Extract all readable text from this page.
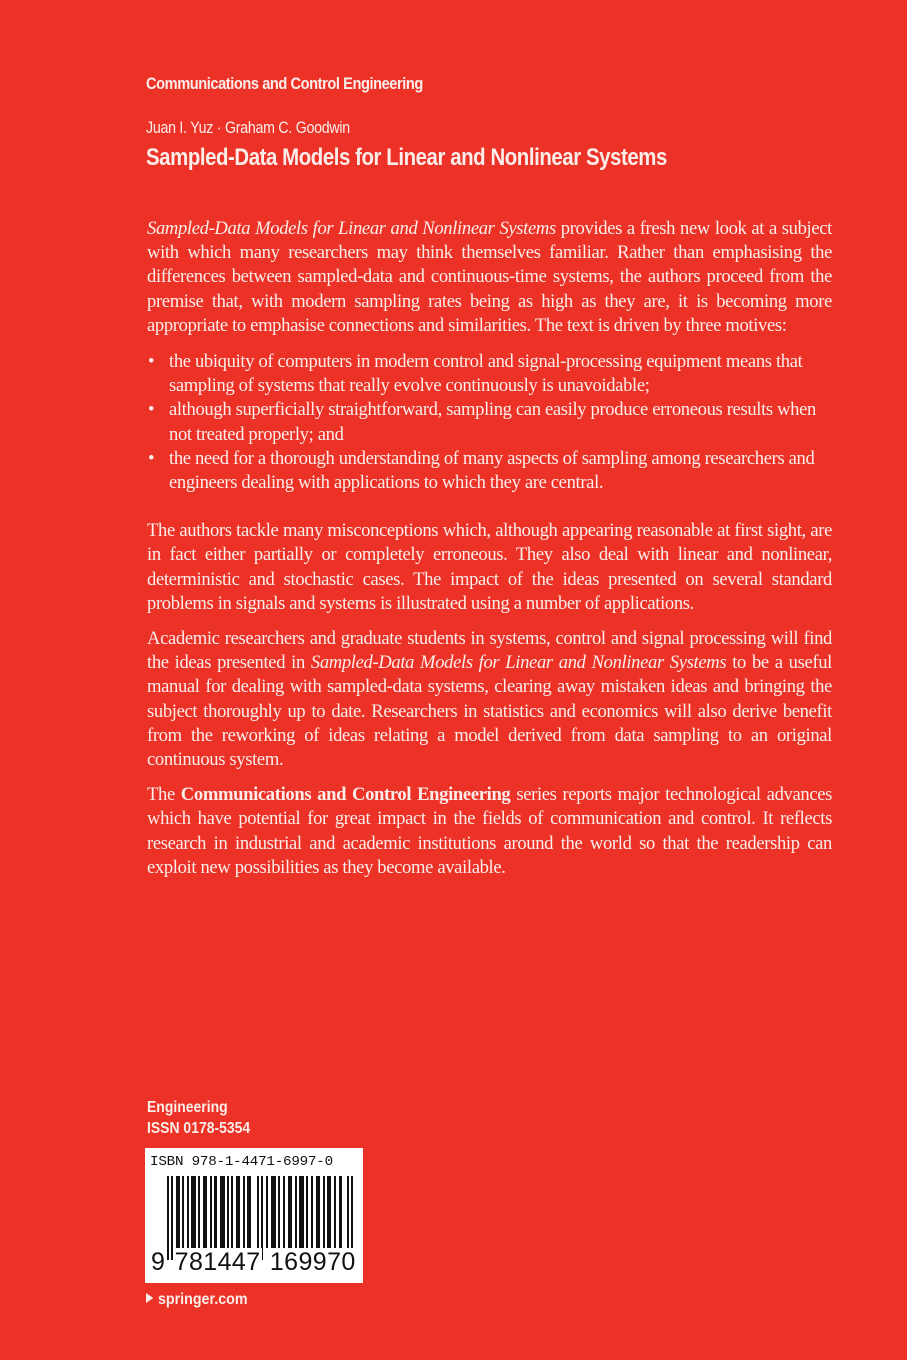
Communications and Control Engineering
Juan I. Yuz · Graham C. Goodwin
Sampled-Data Models for Linear and Nonlinear Systems

Sampled-Data Models for Linear and Nonlinear Systems provides a fresh new look at a subject with which many researchers may think themselves familiar. Rather than emphasising the differences between sampled-data and continuous-time systems, the authors proceed from the premise that, with modern sampling rates being as high as they are, it is becoming more appropriate to emphasise connections and similarities. The text is driven by three motives:

• the ubiquity of computers in modern control and signal-processing equipment means that sampling of systems that really evolve continuously is unavoidable;
• although superficially straightforward, sampling can easily produce erroneous results when not treated properly; and
• the need for a thorough understanding of many aspects of sampling among researchers and engineers dealing with applications to which they are central.

The authors tackle many misconceptions which, although appearing reasonable at first sight, are in fact either partially or completely erroneous. They also deal with linear and nonlinear, deterministic and stochastic cases. The impact of the ideas presented on several standard problems in signals and systems is illustrated using a number of applications.

Academic researchers and graduate students in systems, control and signal processing will find the ideas presented in Sampled-Data Models for Linear and Nonlinear Systems to be a useful manual for dealing with sampled-data systems, clearing away mistaken ideas and bringing the subject thoroughly up to date. Researchers in statistics and economics will also derive benefit from the reworking of ideas relating a model derived from data sampling to an original continuous system.

The Communications and Control Engineering series reports major technological advances which have potential for great impact in the fields of communication and control. It reflects research in industrial and academic institutions around the world so that the readership can exploit new possibilities as they become available.

Engineering
ISSN 0178-5354
ISBN 978-1-4471-6997-0
9 781447 169970
springer.com
